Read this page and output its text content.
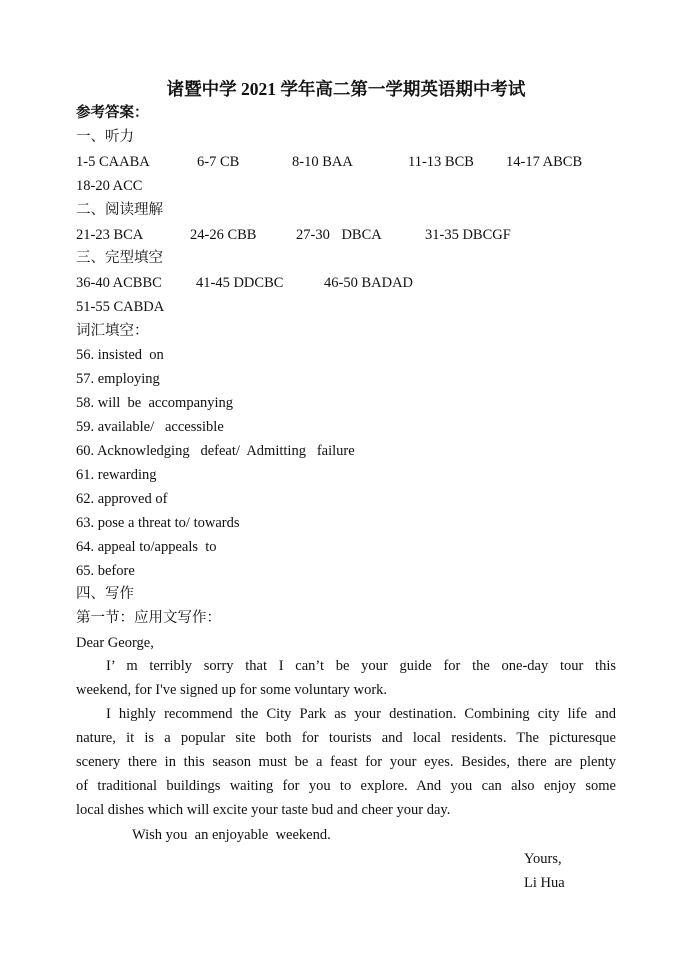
诸暨中学 2021 学年高二第一学期英语期中考试
参考答案：
一、听力
1-5 CAABA	6-7 CB	8-10 BAA	11-13 BCB 14-17 ABCB
18-20 ACC
二、阅读理解
21-23 BCA	24-26 CBB	27-30 DBCA	31-35 DBCGF
三、完型填空
36-40 ACBBC 41-45 DDCBC	46-50 BADAD
51-55 CABDA
词汇填空：
56. insisted  on
57. employing
58. will  be  accompanying
59. available/   accessible
60. Acknowledging   defeat/  Admitting   failure
61. rewarding
62. approved of
63. pose a threat to/ towards
64. appeal to/appeals  to
65. before
四、写作
第一节：应用文写作：
Dear George,
I’ m terribly sorry that I can’t be your guide for the one-day tour this
weekend, for I've signed up for some voluntary work.
I highly recommend the City Park as your destination. Combining city life and
nature, it is a popular site both for tourists and local residents. The picturesque
scenery there in this season must be a feast for your eyes. Besides, there are plenty
of traditional buildings waiting for you to explore. And you can also enjoy some
local dishes which will excite your taste bud and cheer your day.
Wish you  an enjoyable  weekend.
Yours,
Li Hua
